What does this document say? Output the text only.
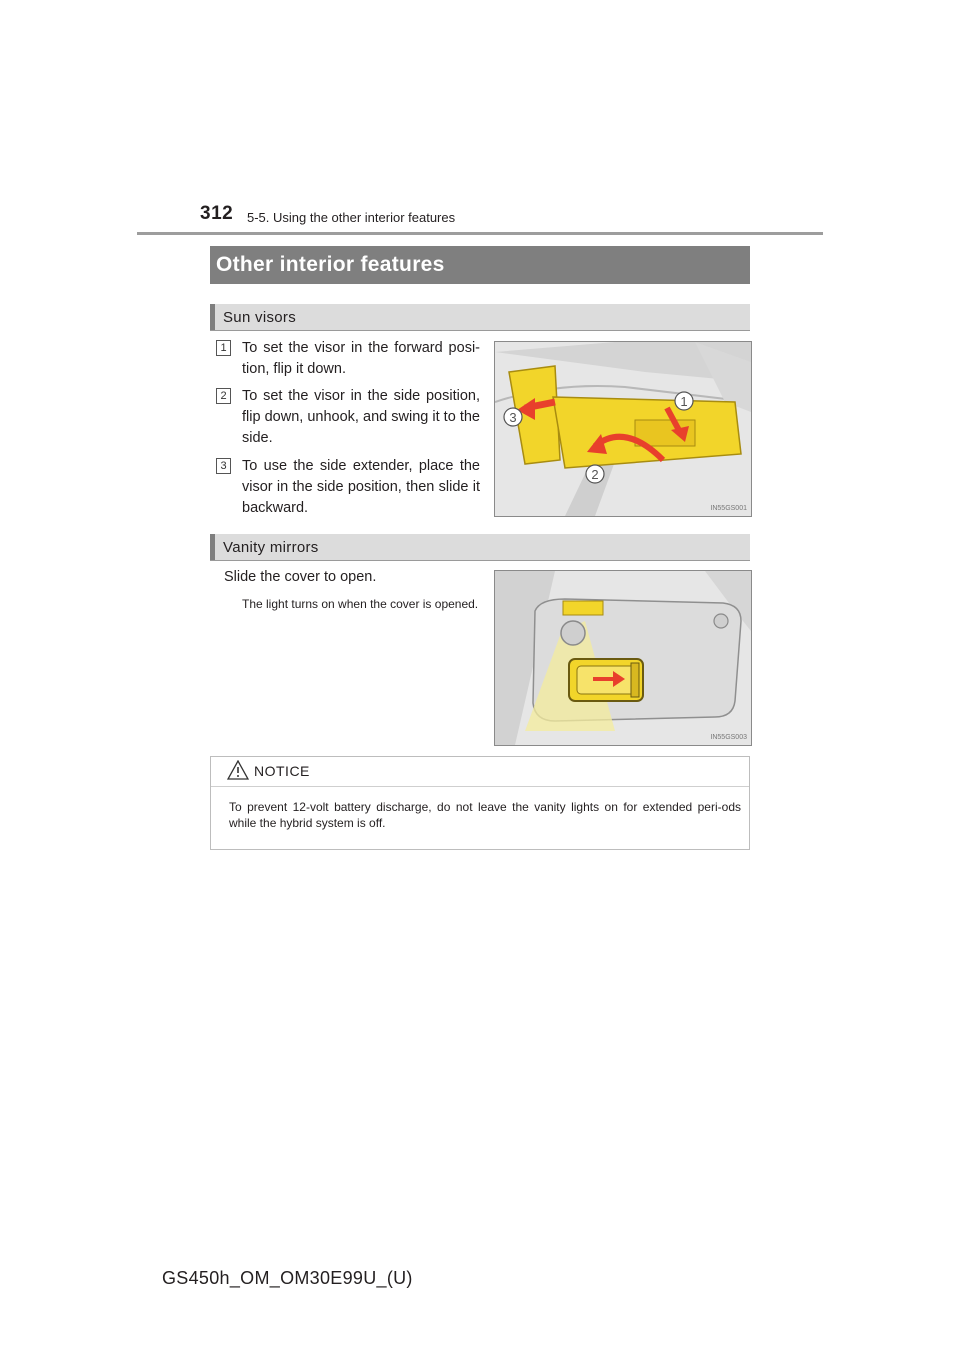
312 5-5. Using the other interior features
Other interior features
Sun visors
1	To set the visor in the forward posi-tion, flip it down.
2	To set the visor in the side position, flip down, unhook, and swing it to the side.
3	To use the side extender, place the visor in the side position, then slide it backward.
1
2
3
IN55GS001
Vanity mirrors
Slide the cover to open.
The light turns on when the cover is opened.
IN55GS003
NOTICE
To prevent 12-volt battery discharge, do not leave the vanity lights on for extended peri-ods while the hybrid system is off.
GS450h_OM_OM30E99U_(U)
